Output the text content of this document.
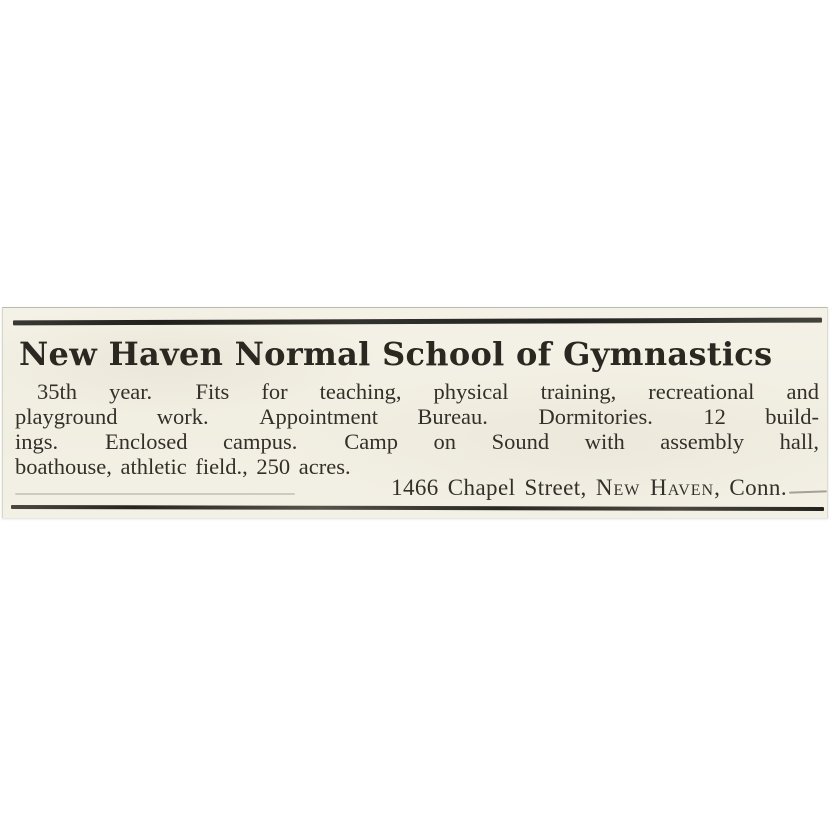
New Haven Normal School of Gymnastics
35th year.  Fits for teaching, physical training, recreational and
playground work.  Appointment Bureau.  Dormitories.  12 build-
ings.  Enclosed campus.  Camp on Sound with assembly hall,
boathouse, athletic field., 250 acres.
1466 Chapel Street, New Haven, Conn.
